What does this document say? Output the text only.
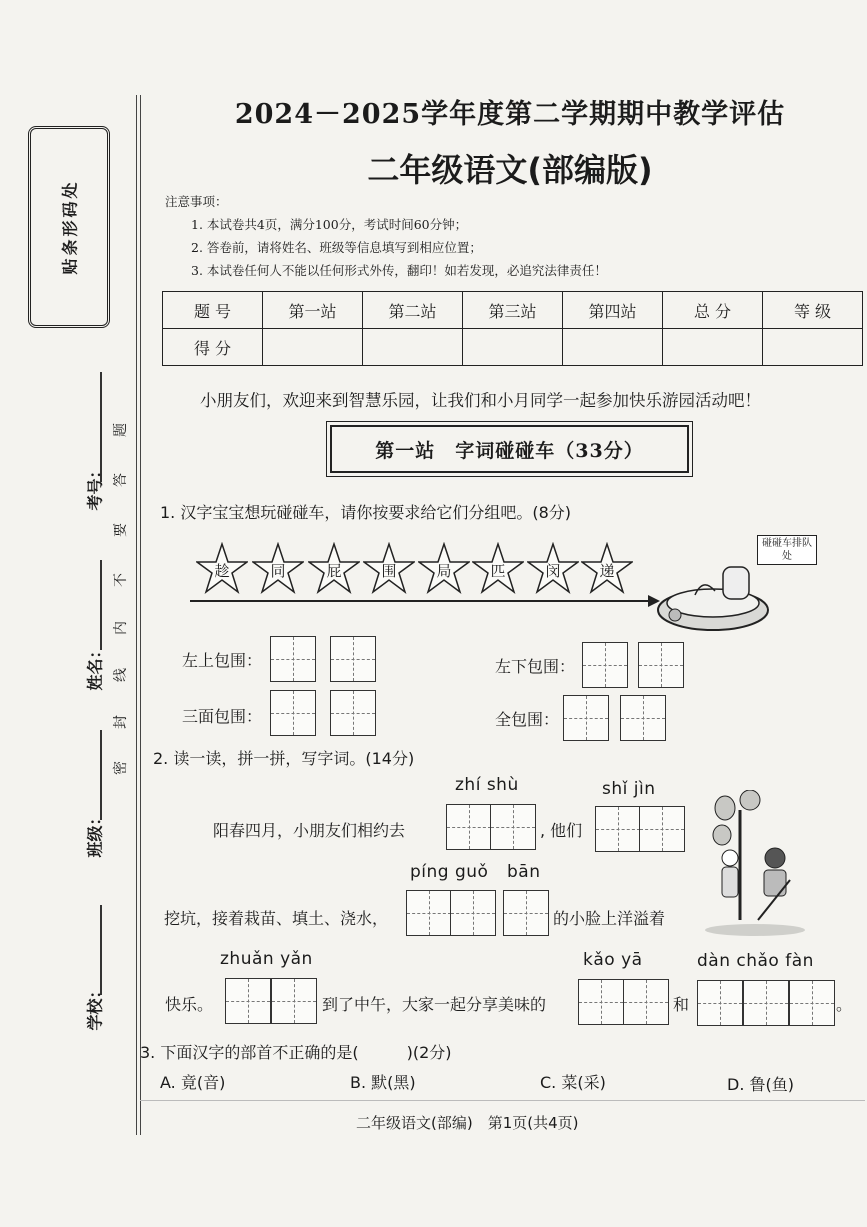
贴条形码处
考号：
姓名：
班级：
学校：
题
答
要
不
内
线
封
密
2024－2025学年度第二学期期中教学评估
二年级语文(部编版)
注意事项：
1. 本试卷共4页，满分100分，考试时间60分钟；
2. 答卷前，请将姓名、班级等信息填写到相应位置；
3. 本试卷任何人不能以任何形式外传，翻印！如若发现，必追究法律责任！
题 号	第一站	第二站	第三站	第四站	总 分	等 级
得 分						
小朋友们，欢迎来到智慧乐园，让我们和小月同学一起参加快乐游园活动吧！
第一站　字词碰碰车（33分）
1. 汉字宝宝想玩碰碰车，请你按要求给它们分组吧。(8分)
趁	同	屁	围	局	匹	闵	递
碰碰车排队处
左上包围：	左下包围：
三面包围：	全包围：
2. 读一读，拼一拼，写字词。(14分)
zhí shù	shǐ jìn
阳春四月，小朋友们相约去	, 他们
píng guǒ bān
挖坑，接着栽苗、填土、浇水，	的小脸上洋溢着
zhuǎn yǎn	kǎo yā	dàn chǎo fàn
快乐。	到了中午，大家一起分享美味的	和	。
3. 下面汉字的部首不正确的是(　　　)(2分)
A. 竟(音)	B. 默(黑)	C. 菜(采)	D. 鲁(鱼)
二年级语文(部编)　第1页(共4页)
